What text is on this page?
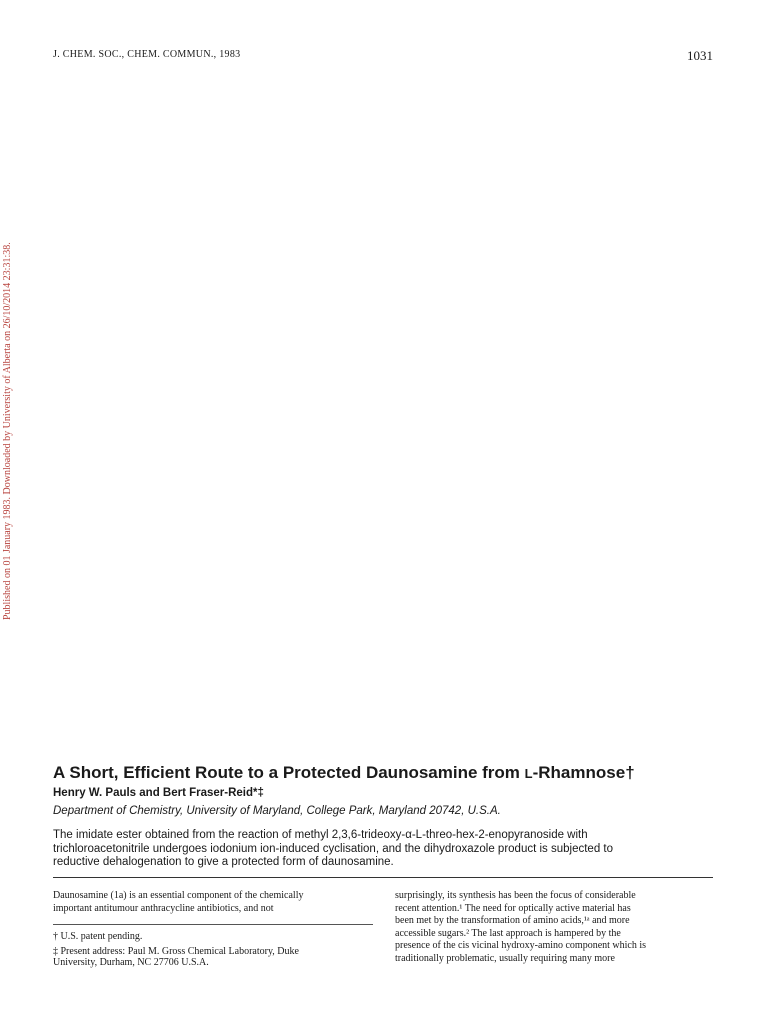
J. CHEM. SOC., CHEM. COMMUN., 1983	1031
Published on 01 January 1983. Downloaded by University of Alberta on 26/10/2014 23:31:38.
A Short, Efficient Route to a Protected Daunosamine from L-Rhamnose†
Henry W. Pauls and Bert Fraser-Reid*‡
Department of Chemistry, University of Maryland, College Park, Maryland 20742, U.S.A.

The imidate ester obtained from the reaction of methyl 2,3,6-trideoxy-α-L-threo-hex-2-enopyranoside with

trichloroacetonitrile undergoes iodonium ion-induced cyclisation, and the dihydroxazole product is subjected to

reductive dehalogenation to give a protected form of daunosamine.

Daunosamine (1a) is an essential component of the chemically

important antitumour anthracycline antibiotics, and not

† U.S. patent pending.

‡ Present address: Paul M. Gross Chemical Laboratory, Duke
University, Durham, NC 27706 U.S.A.

surprisingly, its synthesis has been the focus of considerable

recent attention.¹ The need for optically active material has

been met by the transformation of amino acids,¹ᵃ and more

accessible sugars.² The last approach is hampered by the

presence of the cis vicinal hydroxy-amino component which is

traditionally problematic, usually requiring many more
